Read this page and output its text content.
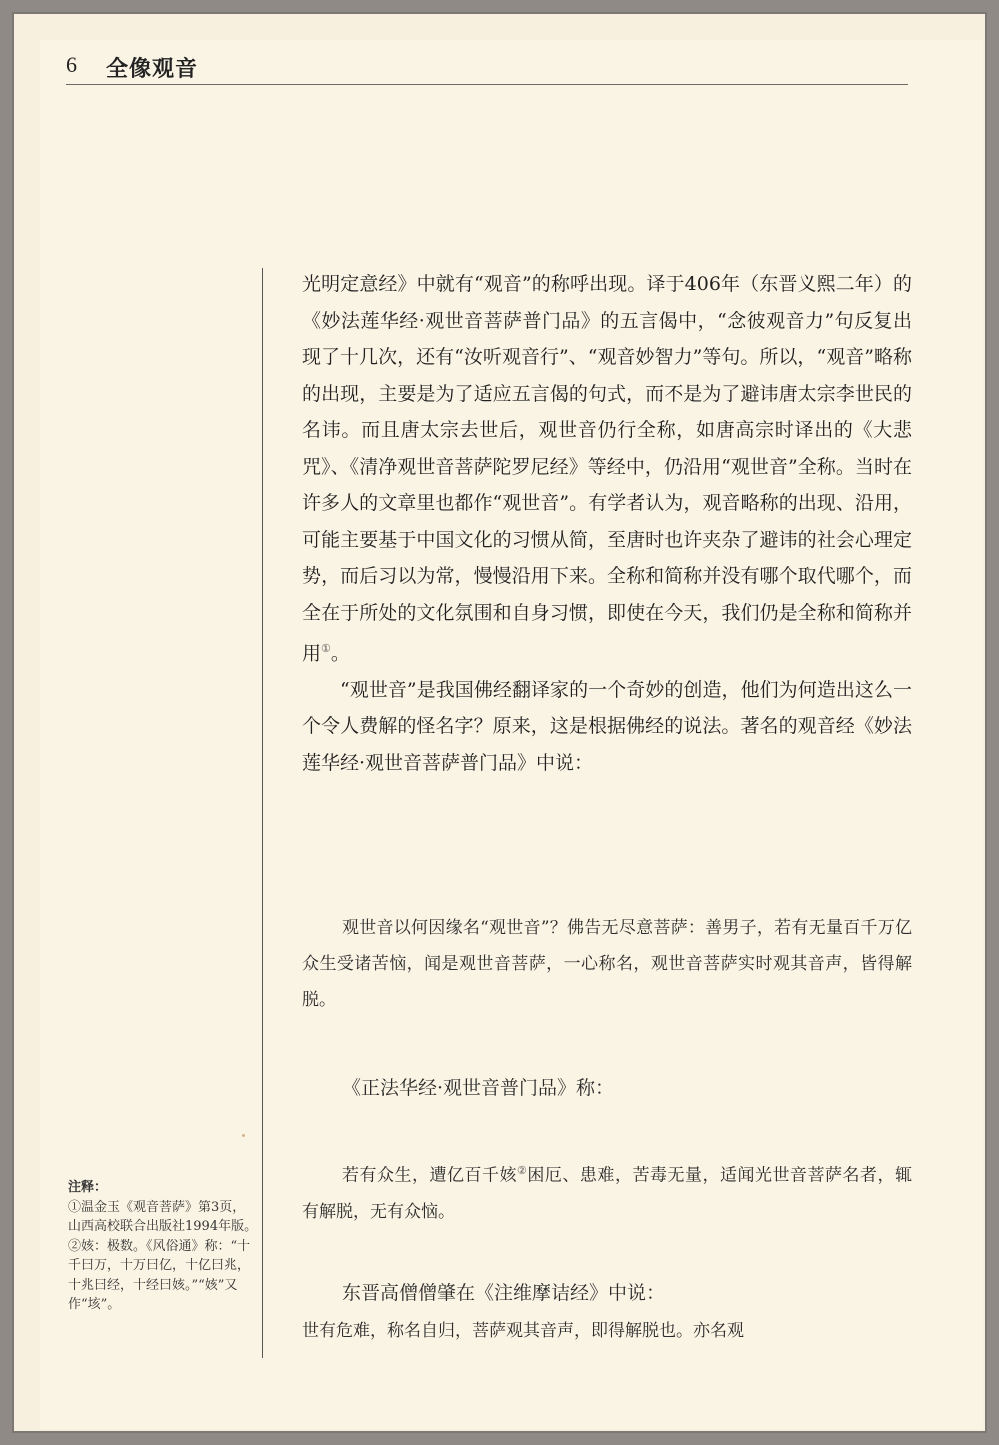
6 全像观音

光明定意经》中就有“观音”的称呼出现。译于406年（东晋义熙二年）的《妙法莲华经·观世音菩萨普门品》的五言偈中，“念彼观音力”句反复出现了十几次，还有“汝听观音行”、“观音妙智力”等句。所以，“观音”略称的出现，主要是为了适应五言偈的句式，而不是为了避讳唐太宗李世民的名讳。而且唐太宗去世后，观世音仍行全称，如唐高宗时译出的《大悲咒》、《清净观世音菩萨陀罗尼经》等经中，仍沿用“观世音”全称。当时在许多人的文章里也都作“观世音”。有学者认为，观音略称的出现、沿用，可能主要基于中国文化的习惯从简，至唐时也许夹杂了避讳的社会心理定势，而后习以为常，慢慢沿用下来。全称和简称并没有哪个取代哪个，而全在于所处的文化氛围和自身习惯，即使在今天，我们仍是全称和简称并用①。

“观世音”是我国佛经翻译家的一个奇妙的创造，他们为何造出这么一个令人费解的怪名字？原来，这是根据佛经的说法。著名的观音经《妙法莲华经·观世音菩萨普门品》中说：

观世音以何因缘名“观世音”？佛告无尽意菩萨：善男子，若有无量百千万亿众生受诸苦恼，闻是观世音菩萨，一心称名，观世音菩萨实时观其音声，皆得解脱。

《正法华经·观世音普门品》称：

若有众生，遭亿百千姟②困厄、患难，苦毒无量，适闻光世音菩萨名者，辄有解脱，无有众恼。

东晋高僧僧肇在《注维摩诘经》中说：

世有危难，称名自归，菩萨观其音声，即得解脱也。亦名观

注释：
①温金玉《观音菩萨》第3页，山西高校联合出版社1994年版。
②姟：极数。《风俗通》称：“十千曰万，十万曰亿，十亿曰兆，十兆曰经，十经曰姟。”“姟”又作“垓”。
